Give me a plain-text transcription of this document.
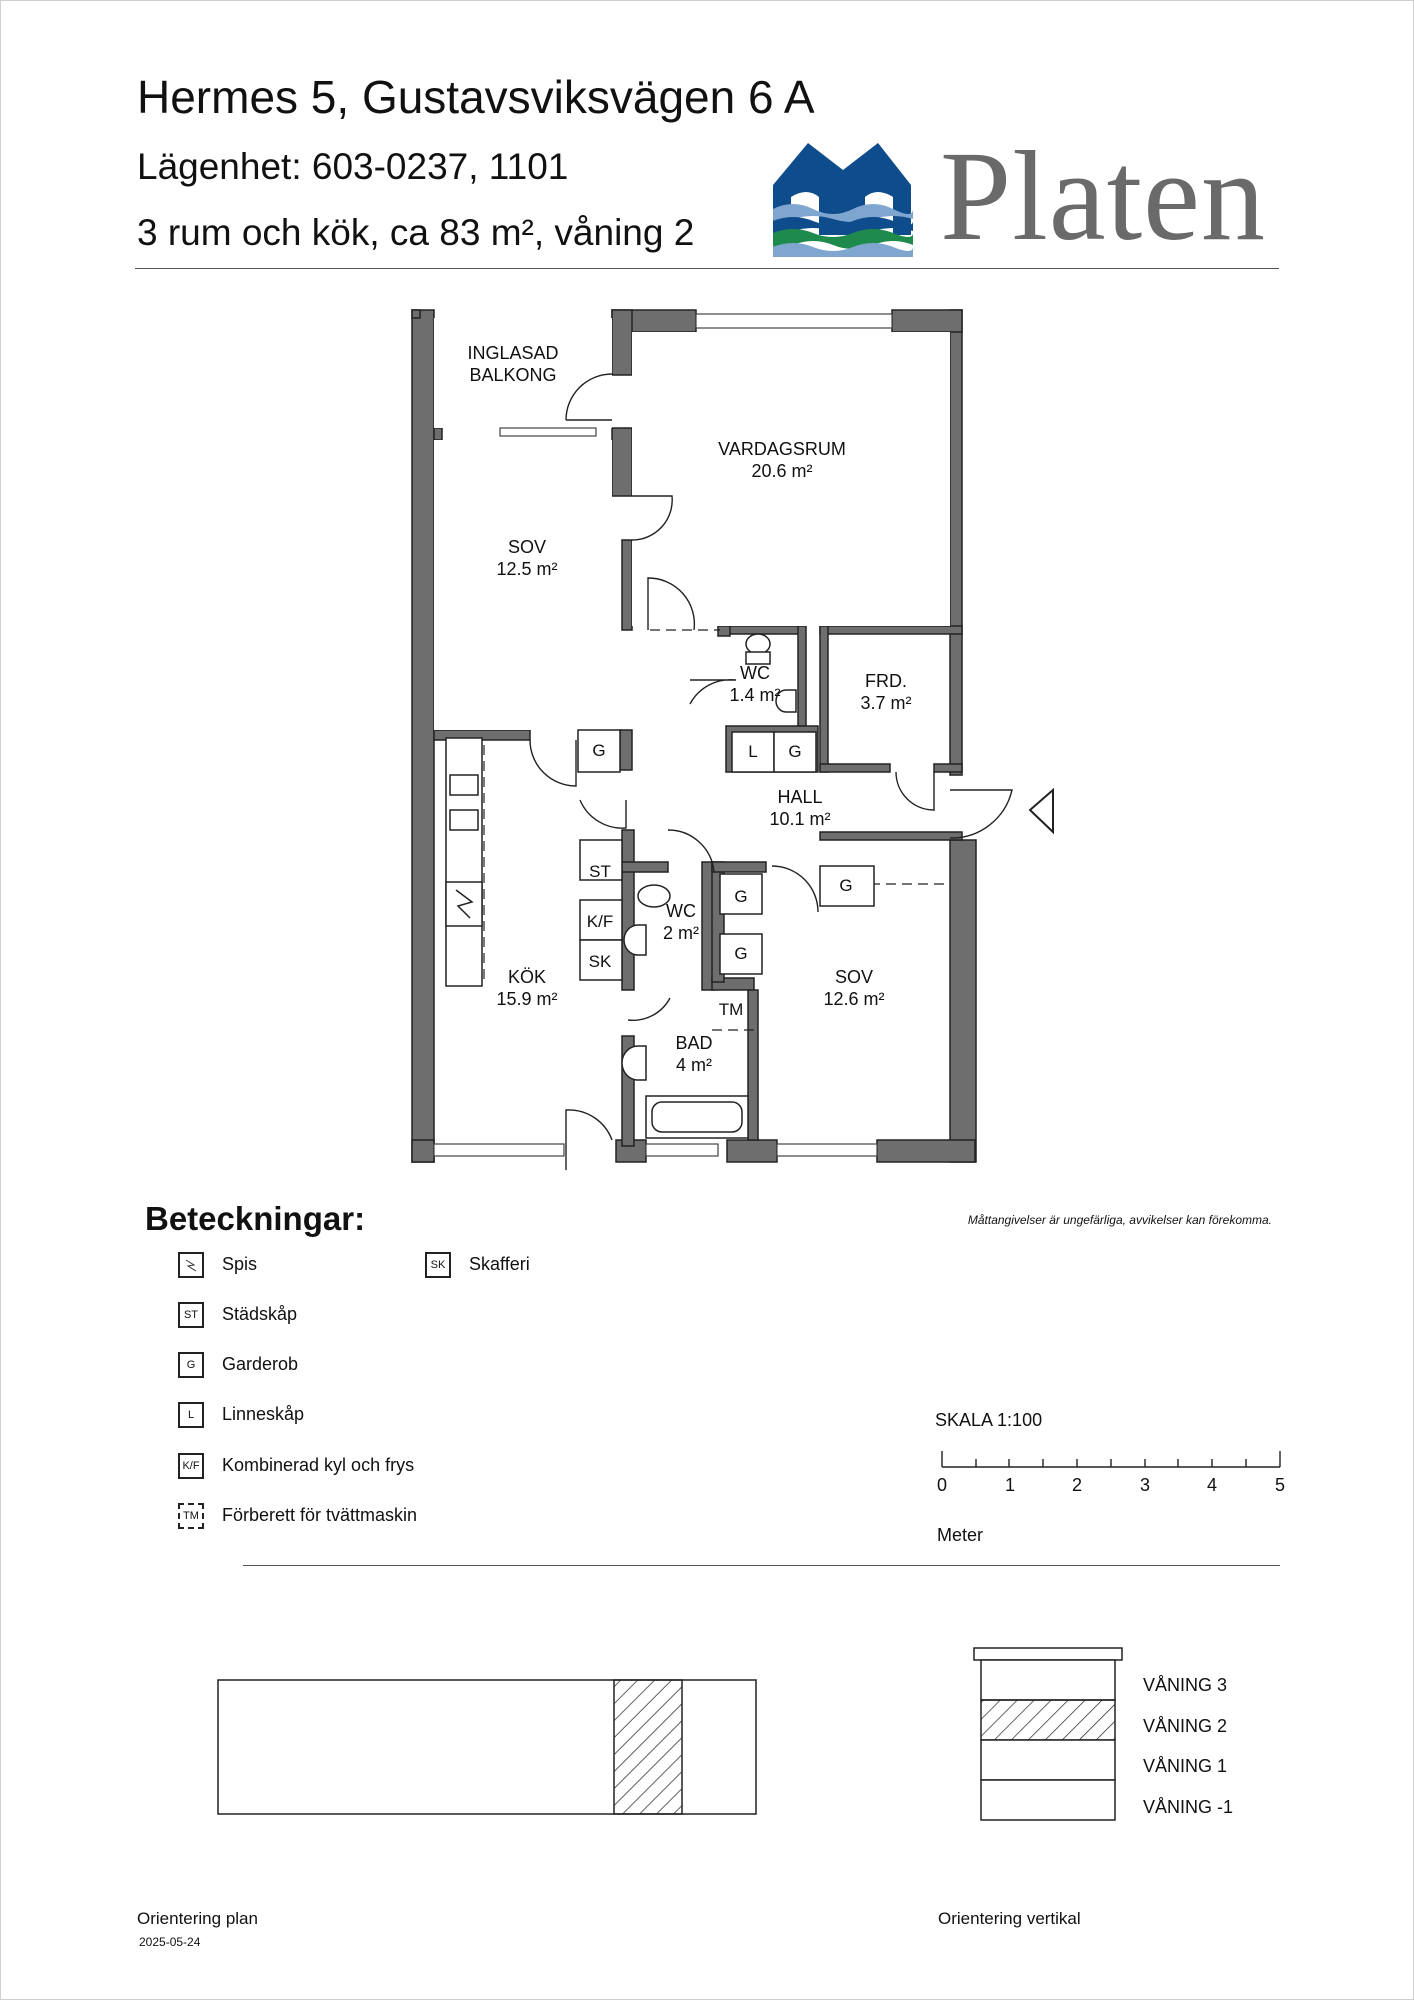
Hermes 5, Gustavsviksvägen 6 A
Lägenhet: 603-0237, 1101
3 rum och kök, ca 83 m², våning 2 Platen
INGLASAD
BALKONG
VARDAGSRUM
20.6 m²
SOV
12.5 m²
WC
1.4 m²
FRD.
3.7 m²
HALL
10.1 m²
KÖK
15.9 m²
WC
2 m²
BAD
4 m²
SOV
12.6 m²
G	L G
ST
K/F
SK
G
G
G
TM
Beteckningar:
Spis
ST	Städskåp
G	Garderob
L	Linneskåp
K/F Kombinerad kyl och frys
TM Förberett för tvättmaskin
SK	Skafferi
Måttangivelser är ungefärliga, avvikelser kan förekomma.
SKALA 1:100
0	1	2	3	4	5
Meter
VÅNING 3
VÅNING 2
VÅNING 1
VÅNING -1
Orientering plan	Orientering vertikal
2025-05-24
